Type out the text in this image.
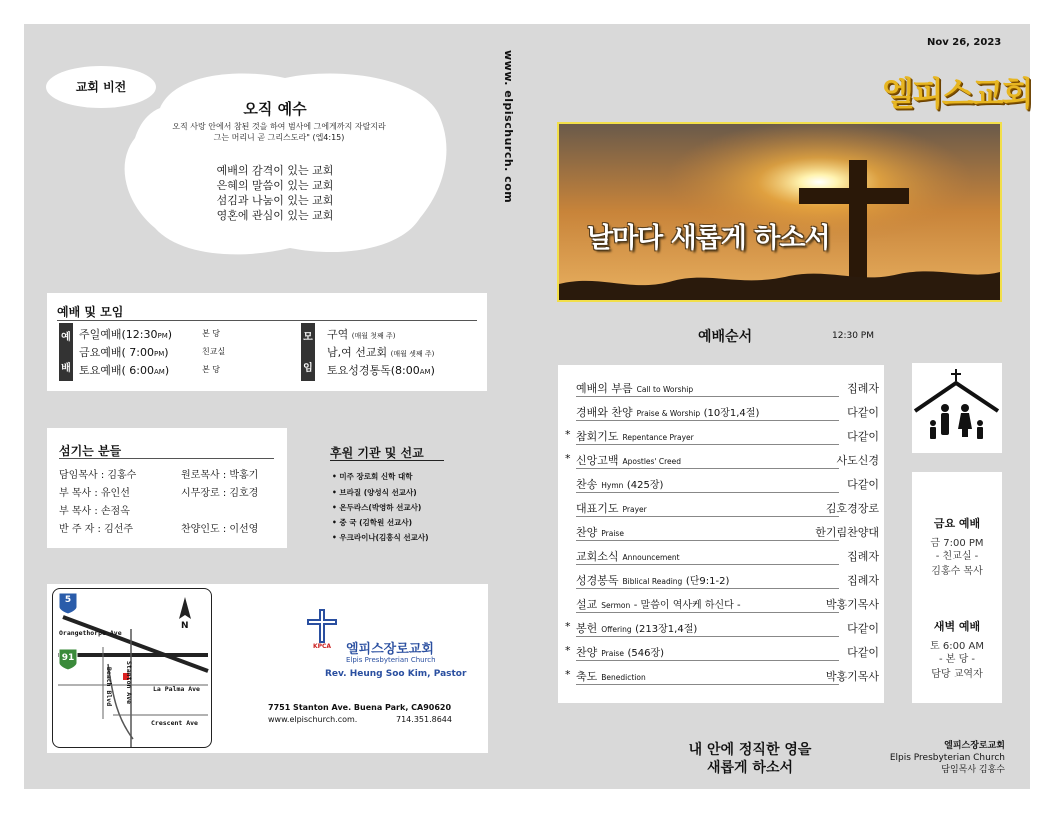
교회 비전
오직 예수
오직 사랑 안에서 참된 것을 하여 범사에 그에게까지 자랄지라
그는 머리니 곧 그리스도라" (엡4:15)
예배의 감격이 있는 교회
은혜의 말씀이 있는 교회
섬김과 나눔이 있는 교회
영혼에 관심이 있는 교회
www. elpischurch. com
예배 및 모임
예
배
주일예배(12:30PM)	본 당
금요예배( 7:00PM)	친교실
토요예배( 6:00AM)	본 당
모
임
구역 (매월 첫째 주)
남,여 선교회 (매월 셋째 주)
토요성경통독(8:00AM)
섬기는 분들
담임목사 : 김홍수	원로목사 : 박홍기
부 목사 : 유인선	시무장로 : 김호경
부 목사 : 손점옥
반 주 자 : 김선주	찬양인도 : 이선영
후원 기관 및 선교
• 미주 장로회 신학 대학
• 브라질 (양성식 선교사)
• 온두라스(박영하 선교사)
• 중 국 (김학원 선교사)
• 우크라이나(김흥식 선교사)
5
91
N
Orangethorpe Ave
Stanton Ave
Beach Blvd	La Palma Ave
Crescent Ave
KPCA	엘피스장로교회
Elpis Presbyterian Church
Rev. Heung Soo Kim, Pastor
7751 Stanton Ave. Buena Park, CA90620
www.elpischurch.com.	714.351.8644
Nov 26, 2023
엘피스교회
날마다 새롭게 하소서
예배순서	12:30 PM
예배의 부름 Call to Worship	집례자
경배와 찬양 Praise & Worship (10장1,4절)	다같이
* 참회기도 Repentance Prayer	다같이
* 신앙고백 Apostles' Creed	사도신경
찬송 Hymn (425장)	다같이
대표기도 Prayer	김호경장로
찬양 Praise	한기림찬양대
교회소식 Announcement	집례자
성경봉독 Biblical Reading (단9:1-2)	집례자
설교 Sermon - 말씀이 역사케 하신다 -	박홍기목사
* 봉헌 Offering (213장1,4절)	다같이
* 찬양 Praise (546장)	다같이
* 축도 Benediction	박홍기목사
금요 예배
금 7:00 PM
- 친교실 -
김홍수 목사
새벽 예배
토 6:00 AM
- 본 당 -
담당 교역자
내 안에 정직한 영을
새롭게 하소서
엘피스장로교회
Elpis Presbyterian Church
담임목사 김홍수
